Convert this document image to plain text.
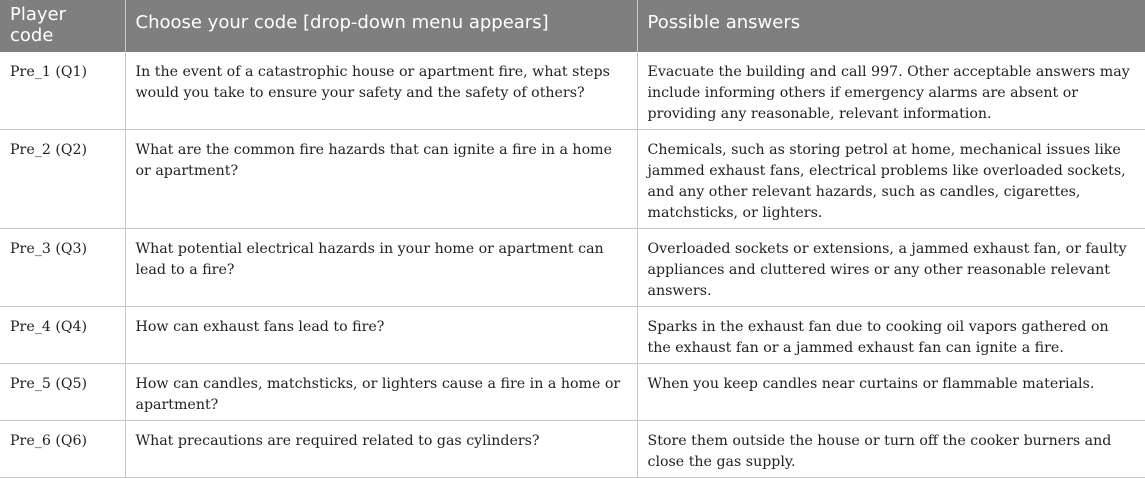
Player code	Choose your code [drop-down menu appears]	Possible answers
Pre_1 (Q1)	In the event of a catastrophic house or apartment fire, what steps would you take to ensure your safety and the safety of others?	Evacuate the building and call 997. Other acceptable answers may include informing others if emergency alarms are absent or providing any reasonable, relevant information.
Pre_2 (Q2)	What are the common fire hazards that can ignite a fire in a home or apartment?	Chemicals, such as storing petrol at home, mechanical issues like jammed exhaust fans, electrical problems like overloaded sockets, and any other relevant hazards, such as candles, cigarettes, matchsticks, or lighters.
Pre_3 (Q3)	What potential electrical hazards in your home or apartment can lead to a fire?	Overloaded sockets or extensions, a jammed exhaust fan, or faulty appliances and cluttered wires or any other reasonable relevant answers.
Pre_4 (Q4)	How can exhaust fans lead to fire?	Sparks in the exhaust fan due to cooking oil vapors gathered on the exhaust fan or a jammed exhaust fan can ignite a fire.
Pre_5 (Q5)	How can candles, matchsticks, or lighters cause a fire in a home or apartment?	When you keep candles near curtains or flammable materials.
Pre_6 (Q6)	What precautions are required related to gas cylinders?	Store them outside the house or turn off the cooker burners and close the gas supply.
